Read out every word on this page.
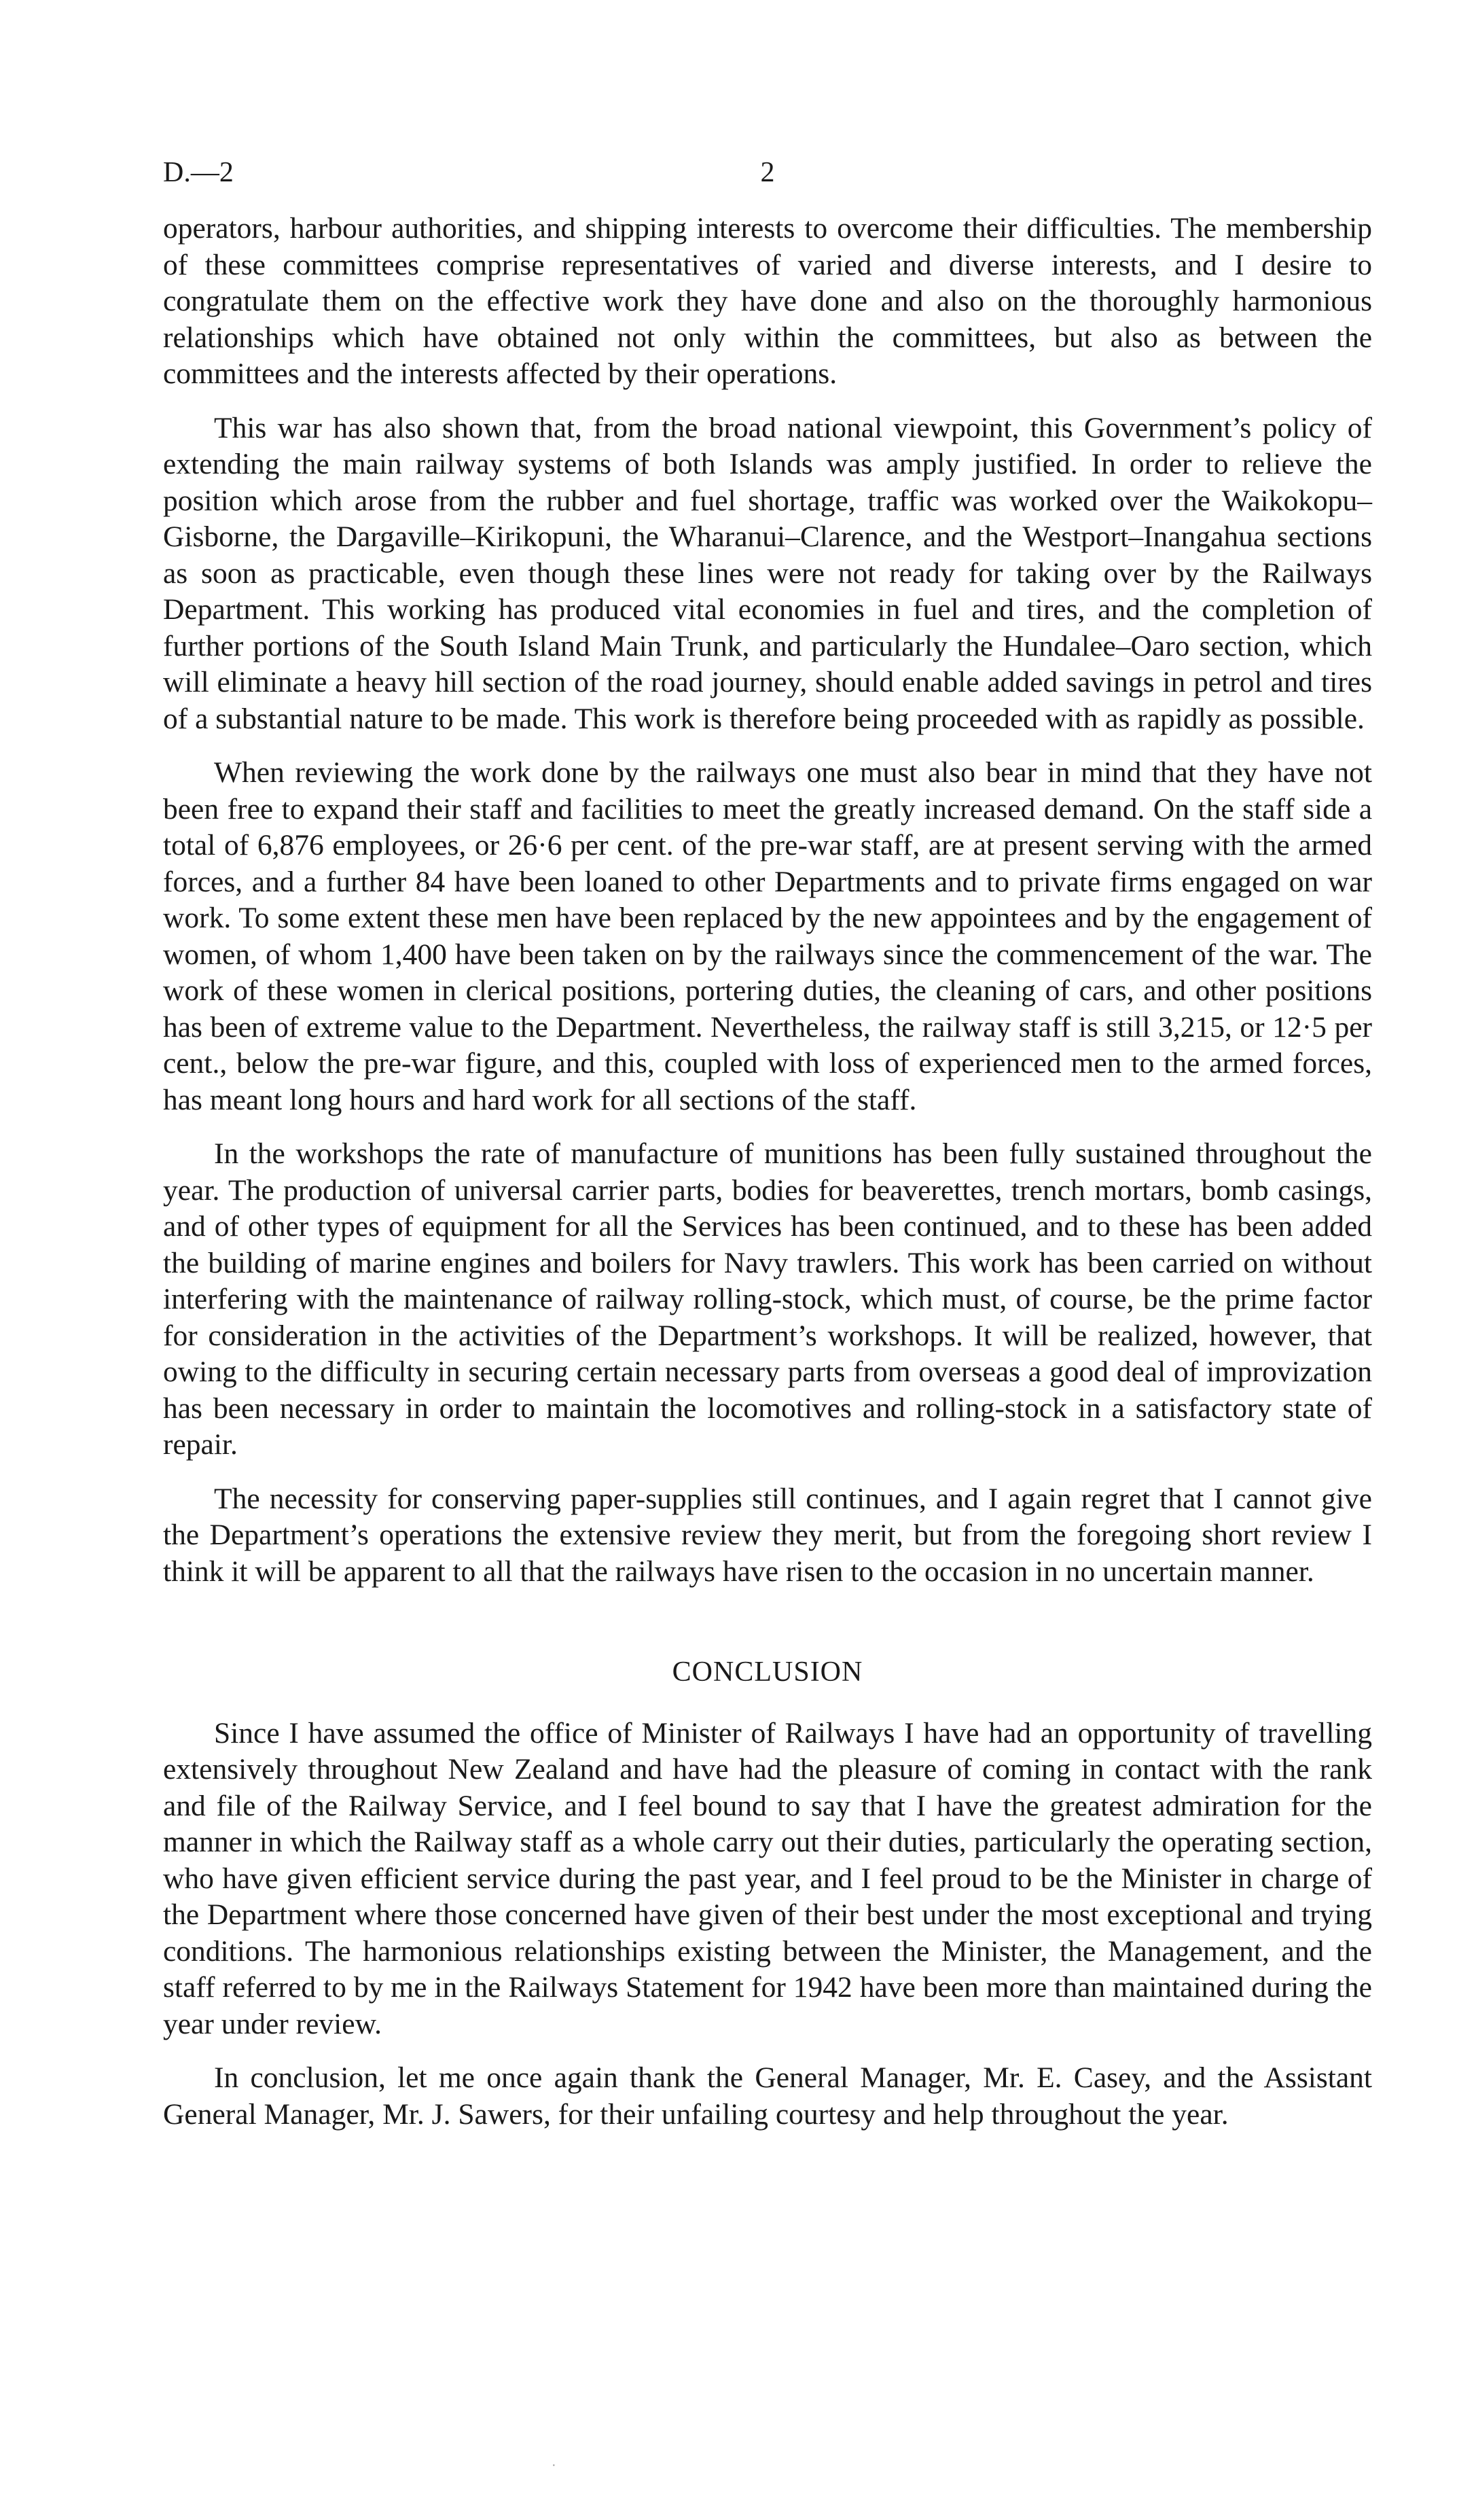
D.—2	2

operators, harbour authorities, and shipping interests to overcome their difficulties. The membership of these committees comprise representatives of varied and diverse interests, and I desire to congratulate them on the effective work they have done and also on the thoroughly harmonious relationships which have obtained not only within the committees, but also as between the committees and the interests affected by their operations.

This war has also shown that, from the broad national viewpoint, this Government’s policy of extending the main railway systems of both Islands was amply justified. In order to relieve the position which arose from the rubber and fuel shortage, traffic was worked over the Waikokopu–Gisborne, the Dargaville–Kirikopuni, the Wharanui–Clarence, and the Westport–Inangahua sections as soon as practicable, even though these lines were not ready for taking over by the Railways Department. This working has produced vital economies in fuel and tires, and the completion of further portions of the South Island Main Trunk, and particularly the Hundalee–Oaro section, which will eliminate a heavy hill section of the road journey, should enable added savings in petrol and tires of a substantial nature to be made. This work is therefore being proceeded with as rapidly as possible.

When reviewing the work done by the railways one must also bear in mind that they have not been free to expand their staff and facilities to meet the greatly increased demand. On the staff side a total of 6,876 employees, or 26·6 per cent. of the pre-war staff, are at present serving with the armed forces, and a further 84 have been loaned to other Departments and to private firms engaged on war work. To some extent these men have been replaced by the new appointees and by the engagement of women, of whom 1,400 have been taken on by the railways since the commencement of the war. The work of these women in clerical positions, portering duties, the cleaning of cars, and other positions has been of extreme value to the Department. Nevertheless, the railway staff is still 3,215, or 12·5 per cent., below the pre-war figure, and this, coupled with loss of experienced men to the armed forces, has meant long hours and hard work for all sections of the staff.

In the workshops the rate of manufacture of munitions has been fully sustained throughout the year. The production of universal carrier parts, bodies for beaverettes, trench mortars, bomb casings, and of other types of equipment for all the Services has been continued, and to these has been added the building of marine engines and boilers for Navy trawlers. This work has been carried on without interfering with the maintenance of railway rolling-stock, which must, of course, be the prime factor for consideration in the activities of the Department’s workshops. It will be realized, however, that owing to the difficulty in securing certain necessary parts from overseas a good deal of improvization has been necessary in order to maintain the locomotives and rolling-stock in a satisfactory state of repair.

The necessity for conserving paper-supplies still continues, and I again regret that I cannot give the Department’s operations the extensive review they merit, but from the foregoing short review I think it will be apparent to all that the railways have risen to the occasion in no uncertain manner.

CONCLUSION

Since I have assumed the office of Minister of Railways I have had an opportunity of travelling extensively throughout New Zealand and have had the pleasure of coming in contact with the rank and file of the Railway Service, and I feel bound to say that I have the greatest admiration for the manner in which the Railway staff as a whole carry out their duties, particularly the operating section, who have given efficient service during the past year, and I feel proud to be the Minister in charge of the Department where those concerned have given of their best under the most exceptional and trying conditions. The harmonious relationships existing between the Minister, the Management, and the staff referred to by me in the Railways Statement for 1942 have been more than maintained during the year under review.

In conclusion, let me once again thank the General Manager, Mr. E. Casey, and the Assistant General Manager, Mr. J. Sawers, for their unfailing courtesy and help throughout the year.

·
